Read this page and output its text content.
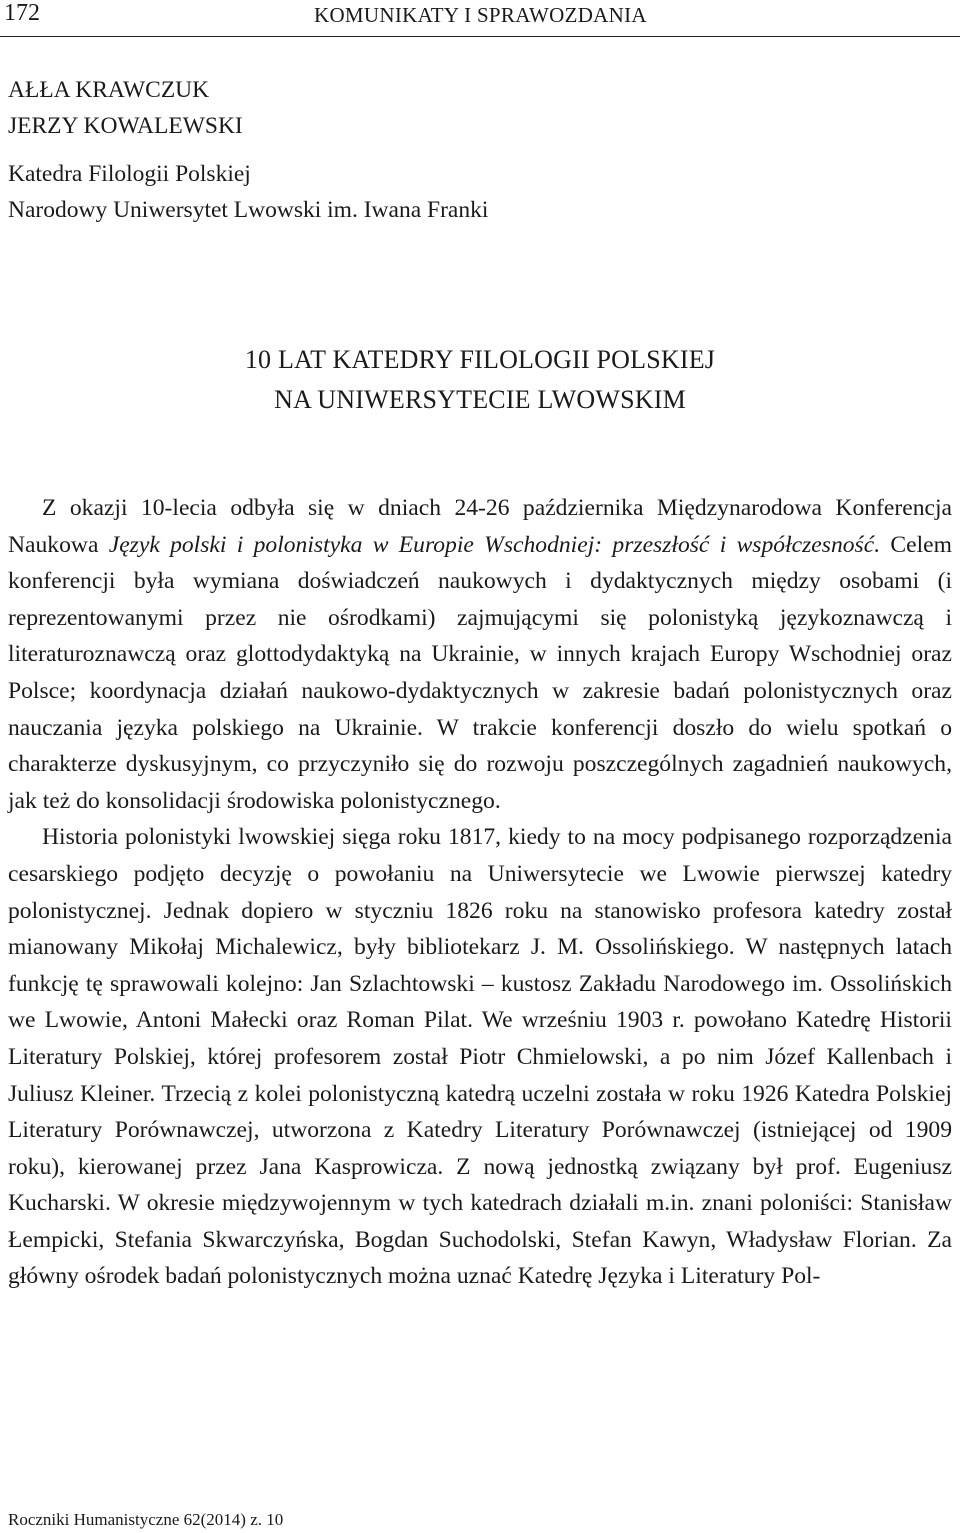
172	KOMUNIKATY I SPRAWOZDANIA
AŁŁA KRAWCZUK
JERZY KOWALEWSKI
Katedra Filologii Polskiej
Narodowy Uniwersytet Lwowski im. Iwana Franki
10 LAT KATEDRY FILOLOGII POLSKIEJ
NA UNIWERSYTECIE LWOWSKIM

Z okazji 10-lecia odbyła się w dniach 24-26 października Międzynarodowa Konferencja Naukowa Język polski i polonistyka w Europie Wschodniej: przeszłość i współczesność. Celem konferencji była wymiana doświadczeń naukowych i dydaktycznych między osobami (i reprezentowanymi przez nie ośrodkami) zajmującymi się polonistyką językoznawczą i literaturoznawczą oraz glottodydaktyką na Ukrainie, w innych krajach Europy Wschodniej oraz Polsce; koordynacja działań naukowo-dydaktycznych w zakresie badań polonistycznych oraz nauczania języka polskiego na Ukrainie. W trakcie konferencji doszło do wielu spotkań o charakterze dyskusyjnym, co przyczyniło się do rozwoju poszczególnych zagadnień naukowych, jak też do konsolidacji środowiska polonistycznego.

Historia polonistyki lwowskiej sięga roku 1817, kiedy to na mocy podpisanego rozporządzenia cesarskiego podjęto decyzję o powołaniu na Uniwersytecie we Lwowie pierwszej katedry polonistycznej. Jednak dopiero w styczniu 1826 roku na stanowisko profesora katedry został mianowany Mikołaj Michalewicz, były bibliotekarz J. M. Ossolińskiego. W następnych latach funkcję tę sprawowali kolejno: Jan Szlachtowski – kustosz Zakładu Narodowego im. Ossolińskich we Lwowie, Antoni Małecki oraz Roman Pilat. We wrześniu 1903 r. powołano Katedrę Historii Literatury Polskiej, której profesorem został Piotr Chmielowski, a po nim Józef Kallenbach i Juliusz Kleiner. Trzecią z kolei polonistyczną katedrą uczelni została w roku 1926 Katedra Polskiej Literatury Porównawczej, utworzona z Katedry Literatury Porównawczej (istniejącej od 1909 roku), kierowanej przez Jana Kasprowicza. Z nową jednostką związany był prof. Eugeniusz Kucharski. W okresie międzywojennym w tych katedrach działali m.in. znani poloniści: Stanisław Łempicki, Stefania Skwarczyńska, Bogdan Suchodolski, Stefan Kawyn, Władysław Florian. Za główny ośrodek badań polonistycznych można uznać Katedrę Języka i Literatury Pol-

Roczniki Humanistyczne 62(2014) z. 10
